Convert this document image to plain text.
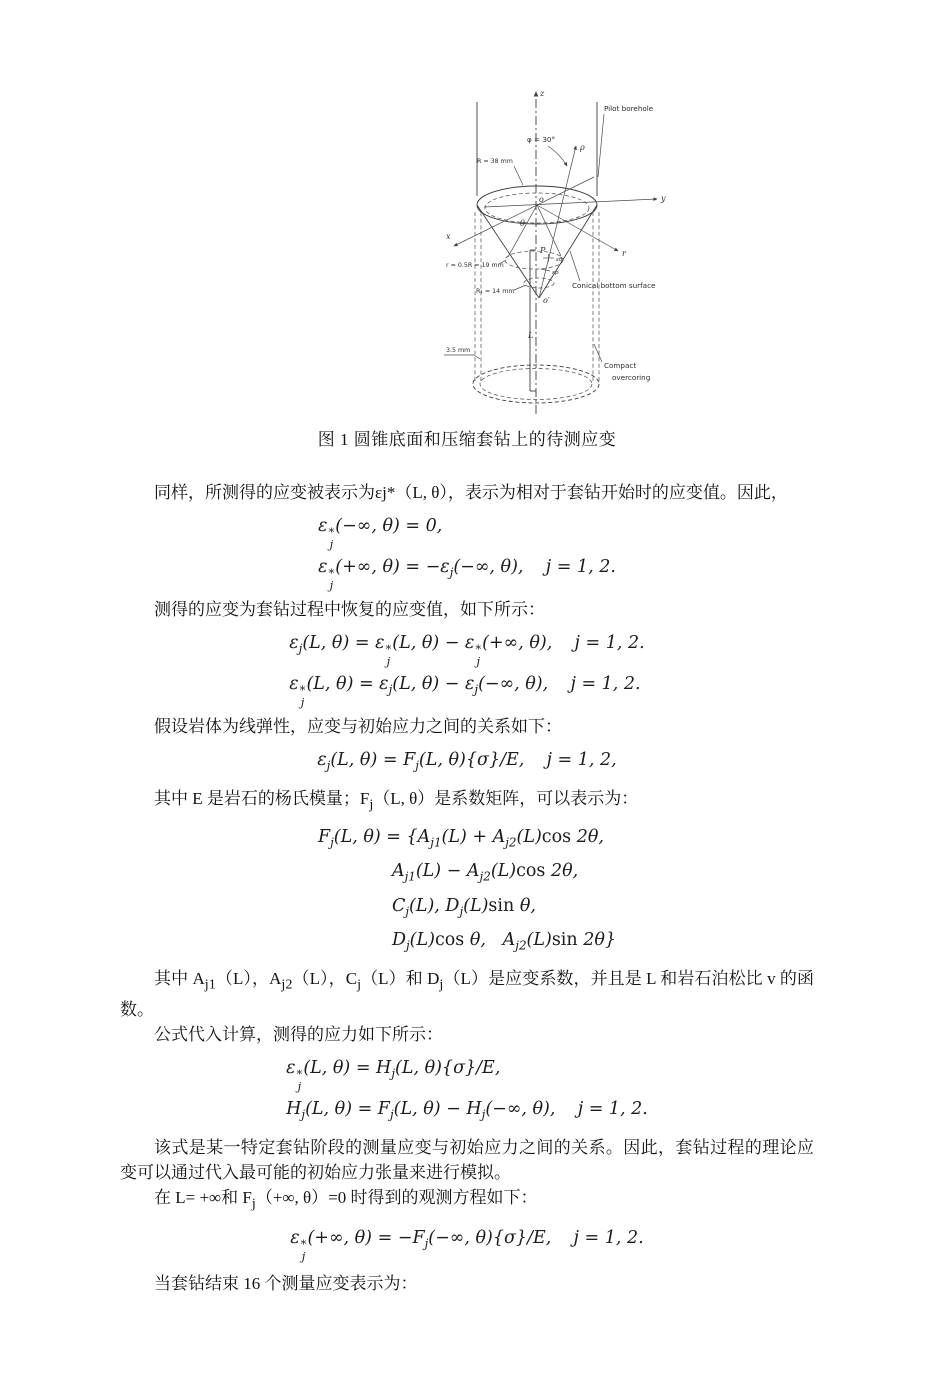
z
x
y
r
ρ
φ = 30°
Pilot borehole
R = 38 mm
o
θ
P
εθ
ερ
r = 0.5R = 19 mm
R₁ = 14 mm
o′
Conical bottom surface
L
3.5 mm
Compact
overcoring
图 1 圆锥底面和压缩套钻上的待测应变

同样，所测得的应变被表示为εj*（L, θ），表示为相对于套钻开始时的应变值。因此，

ε *
j
(−∞, θ) = 0,
ε *
j
(+∞, $\theta) = -\varepsilon_j(-\infty$, θ),    j = 1, 2.

测得的应变为套钻过程中恢复的应变值，如下所示：

$\varepsilon_j(L$, θ) = ε *
j
(L, θ) − ε *
j
(+∞, θ),    j = 1, 2.
ε *
j
(L, $\theta) = \varepsilon_j(L$, $\theta) - \varepsilon_j(-\infty$, θ),    j = 1, 2.

假设岩体为线弹性，应变与初始应力之间的关系如下：

$\varepsilon_j(L$, $\theta) = F_j(L$, θ){σ}/E,    j = 1, 2,

其中 E 是岩石的杨氏模量；$F_j(L$, θ）是系数矩阵，可以表示为：

$F_j(L$, $\theta) = \{A_{j1}(L) + A_{j2}(L)\cos$ 2θ,
$A_{j1}(L) - A_{j2}(L)\cos$ 2θ,
$C_j(L)$, $D_j(L)\sin$ θ,
$D_j(L)\cos$ θ,   $A_{j2}(L)\sin$ 2θ}

其中 $A_{j1}(L)$，$A_{j2}(L)$，$C_j(L)$和 $D_j(L)$是应变系数，并且是 L 和岩石泊松比 v 的函数。

公式代入计算，测得的应力如下所示：

ε *
j
(L, $\theta) = H_j(L$, θ){σ}/E,
$H_j(L$, $\theta) = F_j(L$, $\theta) - H_j(-\infty$, θ),    j = 1, 2.

该式是某一特定套钻阶段的测量应变与初始应力之间的关系。因此，套钻过程的理论应变可以通过代入最可能的初始应力张量来进行模拟。

在 L= +∞和 $F_j(+\infty$, θ）=0 时得到的观测方程如下：

ε *
j
(+∞, $\theta) = -F_j(-\infty$, θ){σ}/E,    j = 1, 2.

当套钻结束 16 个测量应变表示为：
